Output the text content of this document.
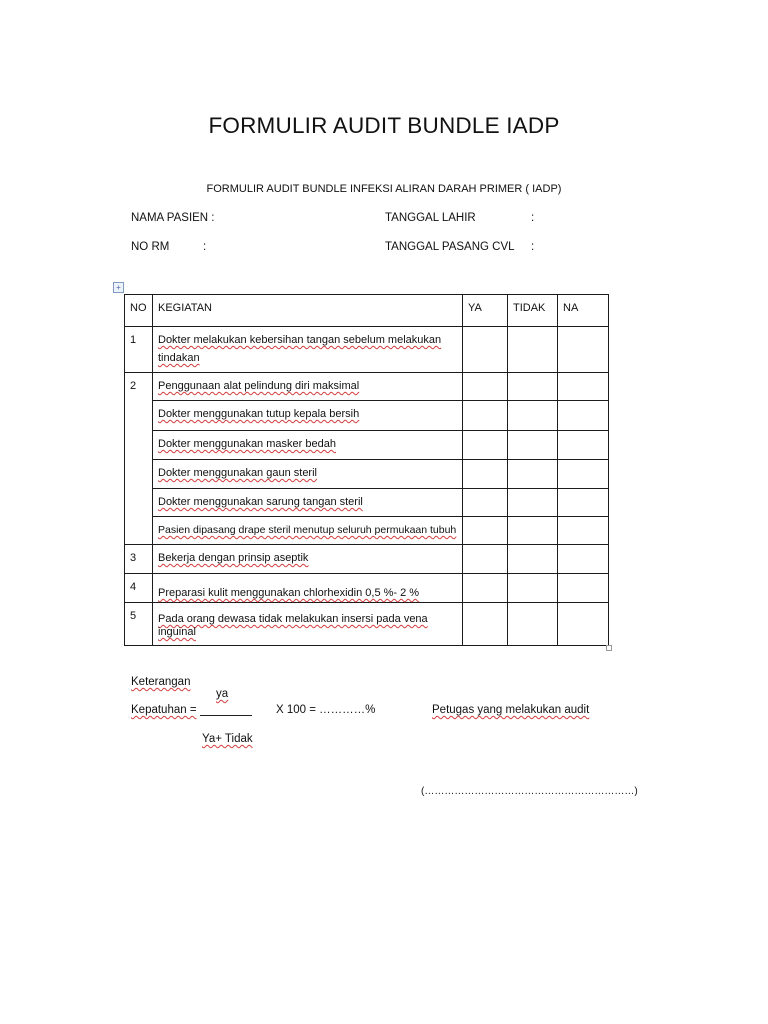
FORMULIR AUDIT BUNDLE IADP
FORMULIR AUDIT BUNDLE INFEKSI ALIRAN DARAH PRIMER ( IADP)
NAMA PASIEN :	TANGGAL LAHIR	:
NO RM	:	TANGGAL PASANG CVL :
+
NO	KEGIATAN	YA	TIDAK	NA

1	Dokter melakukan kebersihan tangan sebelum melakukan tindakan			

2	Penggunaan alat pelindung diri maksimal			

	Dokter menggunakan tutup kepala bersih			

	Dokter menggunakan masker bedah			

	Dokter menggunakan gaun steril			

	Dokter menggunakan sarung tangan steril			

	Pasien dipasang drape steril menutup seluruh permukaan tubuh			

3	Bekerja dengan prinsip aseptik			

4	Preparasi kulit menggunakan chlorhexidin 0,5 %- 2 %			

5	Pada orang dewasa tidak melakukan insersi pada vena inguinal			

Keterangan
ya
Kepatuhan =	X 100 = …………%	Petugas yang melakukan audit
Ya+ Tidak
(………………………………………………………)
